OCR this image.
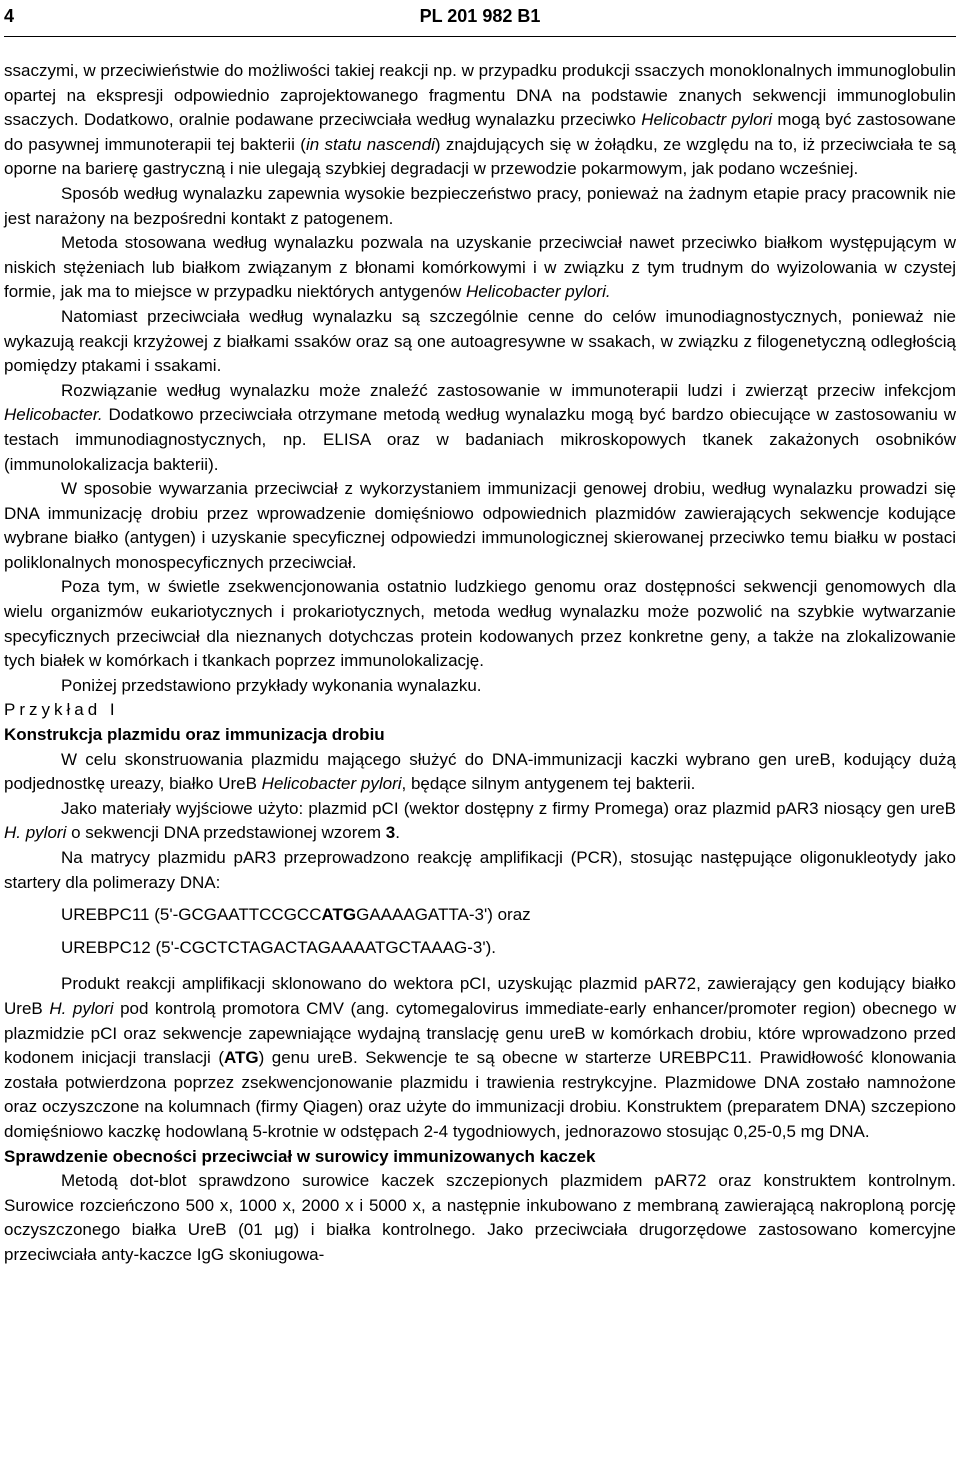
4	PL 201 982 B1

ssaczymi, w przeciwieństwie do możliwości takiej reakcji np. w przypadku produkcji ssaczych monoklonalnych immunoglobulin opartej na ekspresji odpowiednio zaprojektowanego fragmentu DNA na podstawie znanych sekwencji immunoglobulin ssaczych. Dodatkowo, oralnie podawane przeciwciała według wynalazku przeciwko Helicobactr pylori mogą być zastosowane do pasywnej immunoterapii tej bakterii (in statu nascendi) znajdujących się w żołądku, ze względu na to, iż przeciwciała te są oporne na barierę gastryczną i nie ulegają szybkiej degradacji w przewodzie pokarmowym, jak podano wcześniej.

Sposób według wynalazku zapewnia wysokie bezpieczeństwo pracy, ponieważ na żadnym etapie pracy pracownik nie jest narażony na bezpośredni kontakt z patogenem.

Metoda stosowana według wynalazku pozwala na uzyskanie przeciwciał nawet przeciwko białkom występującym w niskich stężeniach lub białkom związanym z błonami komórkowymi i w związku z tym trudnym do wyizolowania w czystej formie, jak ma to miejsce w przypadku niektórych antygenów Helicobacter pylori.

Natomiast przeciwciała według wynalazku są szczególnie cenne do celów imunodiagnostycznych, ponieważ nie wykazują reakcji krzyżowej z białkami ssaków oraz są one autoagresywne w ssakach, w związku z filogenetyczną odległością pomiędzy ptakami i ssakami.

Rozwiązanie według wynalazku może znaleźć zastosowanie w immunoterapii ludzi i zwierząt przeciw infekcjom Helicobacter. Dodatkowo przeciwciała otrzymane metodą według wynalazku mogą być bardzo obiecujące w zastosowaniu w testach immunodiagnostycznych, np. ELISA oraz w badaniach mikroskopowych tkanek zakażonych osobników (immunolokalizacja bakterii).

W sposobie wywarzania przeciwciał z wykorzystaniem immunizacji genowej drobiu, według wynalazku prowadzi się DNA immunizację drobiu przez wprowadzenie domięśniowo odpowiednich plazmidów zawierających sekwencje kodujące wybrane białko (antygen) i uzyskanie specyficznej odpowiedzi immunologicznej skierowanej przeciwko temu białku w postaci poliklonalnych monospecyficznych przeciwciał.

Poza tym, w świetle zsekwencjonowania ostatnio ludzkiego genomu oraz dostępności sekwencji genomowych dla wielu organizmów eukariotycznych i prokariotycznych, metoda według wynalazku może pozwolić na szybkie wytwarzanie specyficznych przeciwciał dla nieznanych dotychczas protein kodowanych przez konkretne geny, a także na zlokalizowanie tych białek w komórkach i tkankach poprzez immunolokalizację.

Poniżej przedstawiono przykłady wykonania wynalazku.

Przykład I

Konstrukcja plazmidu oraz immunizacja drobiu

W celu skonstruowania plazmidu mającego służyć do DNA-immunizacji kaczki wybrano gen ureB, kodujący dużą podjednostkę ureazy, białko UreB Helicobacter pylori, będące silnym antygenem tej bakterii.

Jako materiały wyjściowe użyto: plazmid pCI (wektor dostępny z firmy Promega) oraz plazmid pAR3 niosący gen ureB H. pylori o sekwencji DNA przedstawionej wzorem 3.

Na matrycy plazmidu pAR3 przeprowadzono reakcję amplifikacji (PCR), stosując następujące oligonukleotydy jako startery dla polimerazy DNA:

UREBPC11 (5'-GCGAATTCCGCCATGGAAAAGATTA-3') oraz

UREBPC12 (5'-CGCTCTAGACTAGAAAATGCTAAAG-3').

Produkt reakcji amplifikacji sklonowano do wektora pCI, uzyskując plazmid pAR72, zawierający gen kodujący białko UreB H. pylori pod kontrolą promotora CMV (ang. cytomegalovirus immediate-early enhancer/promoter region) obecnego w plazmidzie pCI oraz sekwencje zapewniające wydajną translację genu ureB w komórkach drobiu, które wprowadzono przed kodonem inicjacji translacji (ATG) genu ureB. Sekwencje te są obecne w starterze UREBPC11. Prawidłowość klonowania została potwierdzona poprzez zsekwencjonowanie plazmidu i trawienia restrykcyjne. Plazmidowe DNA zostało namnożone oraz oczyszczone na kolumnach (firmy Qiagen) oraz użyte do immunizacji drobiu. Konstruktem (preparatem DNA) szczepiono domięśniowo kaczkę hodowlaną 5-krotnie w odstępach 2-4 tygodniowych, jednorazowo stosując 0,25-0,5 mg DNA.

Sprawdzenie obecności przeciwciał w surowicy immunizowanych kaczek

Metodą dot-blot sprawdzono surowice kaczek szczepionych plazmidem pAR72 oraz konstruktem kontrolnym. Surowice rozcieńczono 500 x, 1000 x, 2000 x i 5000 x, a następnie inkubowano z membraną zawierającą nakroploną porcję oczyszczonego białka UreB (01 µg) i białka kontrolnego. Jako przeciwciała drugorzędowe zastosowano komercyjne przeciwciała anty-kaczce IgG skoniugowa-
